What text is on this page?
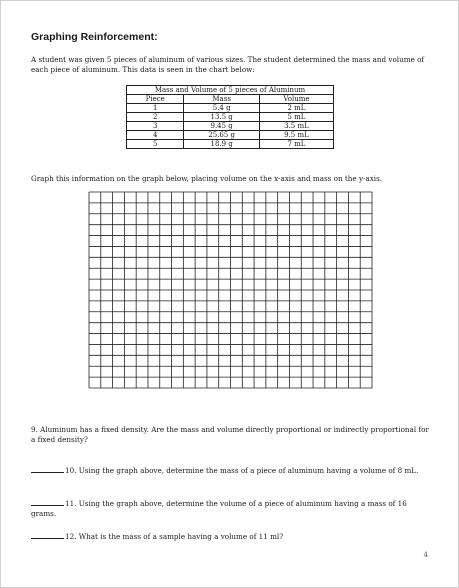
Graphing Reinforcement:
A student was given 5 pieces of aluminum of various sizes. The student determined the mass and volume of each piece of aluminum. This data is seen in the chart below:
Mass and Volume of 5 pieces of Aluminum		
Piece	Mass	Volume
1	5.4 g	2 mL
2	13.5 g	5 mL
3	9.45 g	3.5 mL
4	25.65 g	9.5 mL
5	18.9 g	7 mL
Graph this information on the graph below, placing volume on the x-axis and mass on the y-axis.
9. Aluminum has a fixed density. Are the mass and volume directly proportional or indirectly proportional for a fixed density?
10. Using the graph above, determine the mass of a piece of aluminum having a volume of 8 mL.
11. Using the graph above, determine the volume of a piece of aluminum having a mass of 16 grams.
12. What is the mass of a sample having a volume of 11 ml?
4
